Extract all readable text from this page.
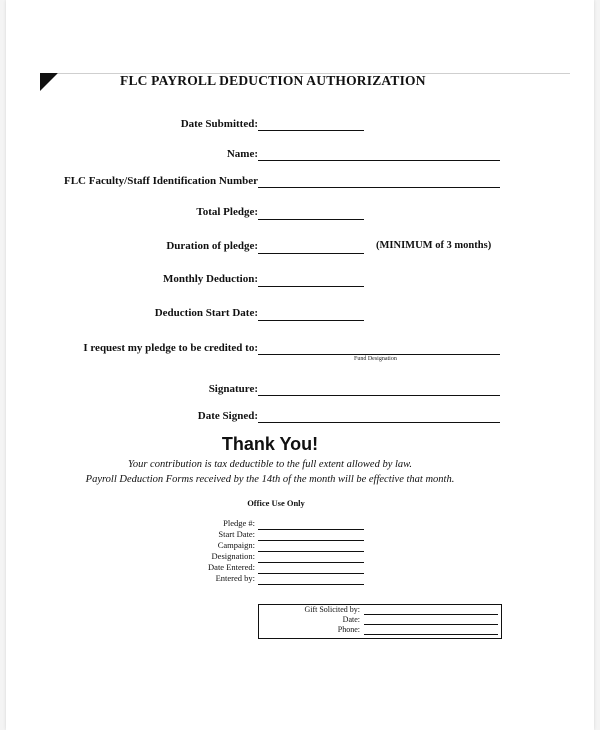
FLC PAYROLL DEDUCTION AUTHORIZATION
Date Submitted:
Name:
FLC Faculty/Staff Identification Number
Total Pledge:
Duration of pledge:	(MINIMUM of 3 months)
Monthly Deduction:
Deduction Start Date:
I request my pledge to be credited to:
Fund Designation
Signature:
Date Signed:
Thank You!
Your contribution is tax deductible to the full extent allowed by law.
Payroll Deduction Forms received by the 14th of the month will be effective that month.
Office Use Only
Pledge #:
Start Date:
Campaign:
Designation:
Date Entered:
Entered by:
Gift Solicited by:
Date:
Phone:
